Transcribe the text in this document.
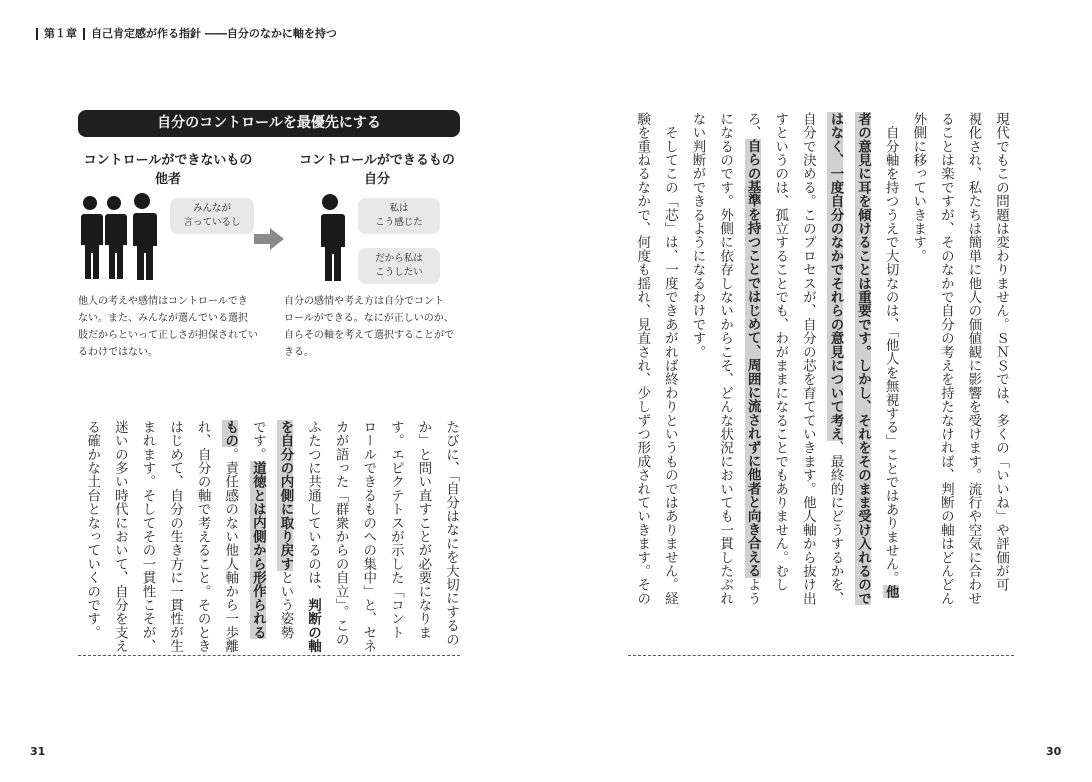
第１章 自己肯定感が作る指針 ――自分のなかに軸を持つ
自分のコントロールを最優先にする
コントロールができないもの
他者
コントロールができるもの
自分
みんなが
言っているし
私は
こう感じた
だから私は
こうしたい
他人の考えや感情はコントロールでき
ない。また、みんなが選んでいる選択
肢だからといって正しさが担保されてい
るわけではない。
自分の感情や考え方は自分でコント
ロールができる。なにが正しいのか、
自らその軸を考えて選択することがで
きる。
たびに、「自分はなにを大切にするの
か」と問い直すことが必要になりま
す。エピクテトスが示した「コント
ロールできるものへの集中」と、セネ
カが語った「群衆からの自立」。この
ふたつに共通しているのは、判断の軸
を自分の内側に取り戻すという姿勢
です。道徳とは内側から形作られる
もの。責任感のない他人軸から一歩離
れ、自分の軸で考えること。そのとき
はじめて、自分の生き方に一貫性が生
まれます。そしてその一貫性こそが、
迷いの多い時代において、自分を支え
る確かな土台となっていくのです。	現代でもこの問題は変わりません。ＳＮＳでは、多くの「いいね」や評価が可
視化され、私たちは簡単に他人の価値観に影響を受けます。流行や空気に合わせ
ることは楽ですが、そのなかで自分の考えを持たなければ、判断の軸はどんどん
外側に移っていきます。
　自分軸を持つうえで大切なのは、「他人を無視する」ことではありません。他
者の意見に耳を傾けることは重要です。しかし、それをそのまま受け入れるので
はなく、一度自分のなかでそれらの意見について考え、最終的にどうするかを、
自分で決める。このプロセスが、自分の芯を育てていきます。他人軸から抜け出
すというのは、孤立することでも、わがままになることでもありません。むし
ろ、自らの基準を持つことではじめて、周囲に流されずに他者と向き合えるよう
になるのです。外側に依存しないからこそ、どんな状況においても一貫したぶれ
ない判断ができるようになるわけです。
　そしてこの「芯」は、一度できあがれば終わりというものではありません。経
験を重ねるなかで、何度も揺れ、見直され、少しずつ形成されていきます。その
31	30
